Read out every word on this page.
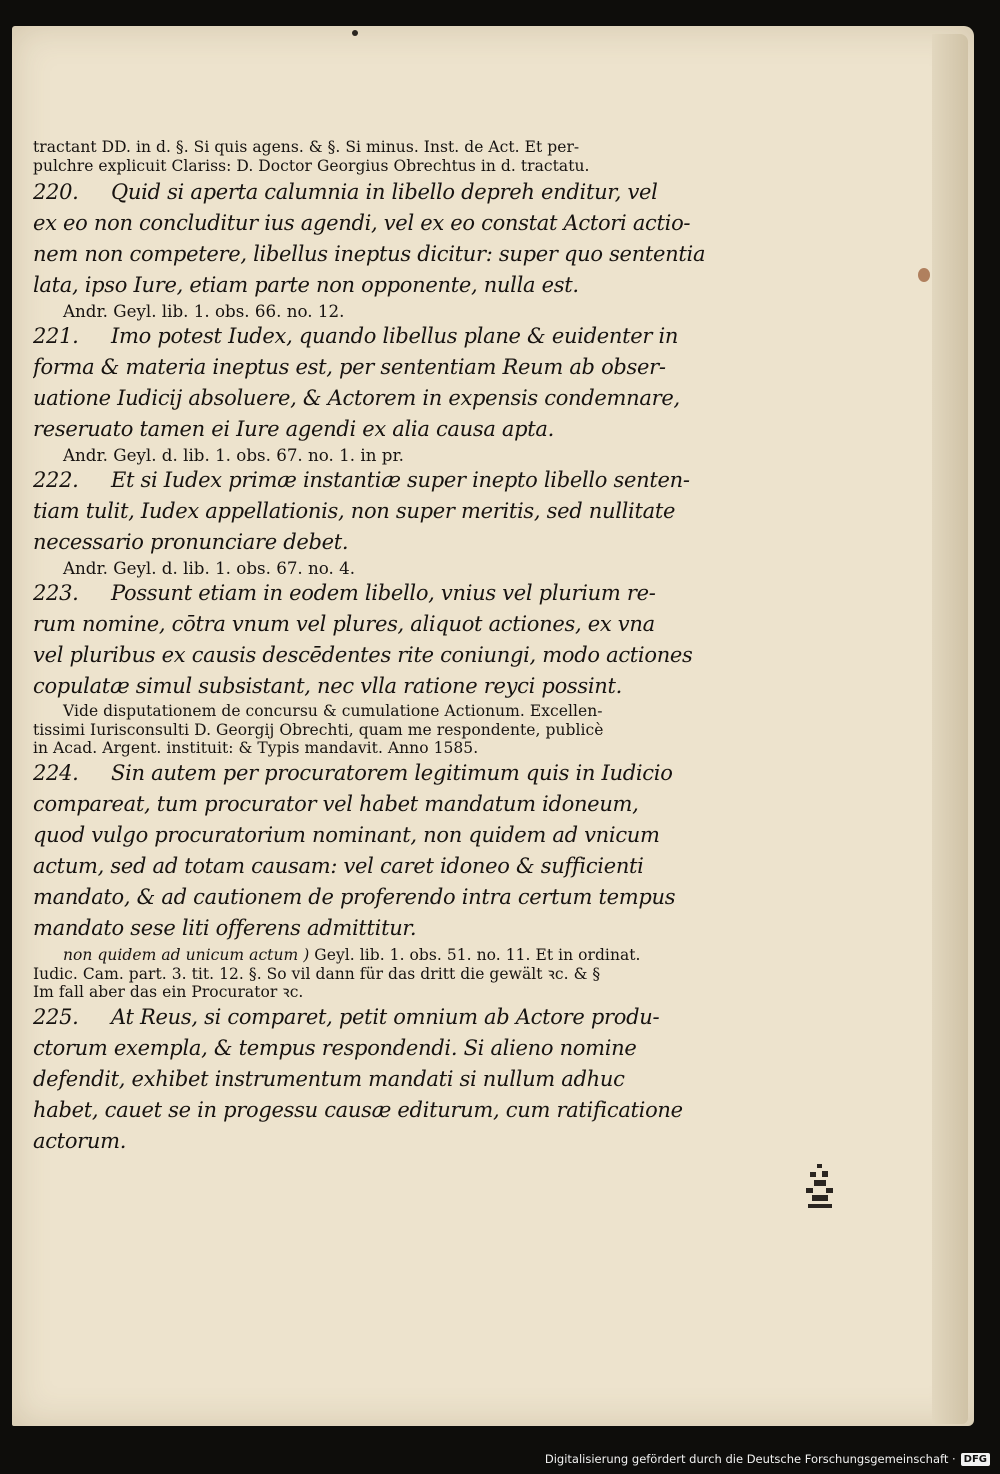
tractant DD. in d. §. Si quis agens. & §. Si minus. Inst. de Act. Et per-
pulchre explicuit Clariss: D. Doctor Georgius Obrechtus in d. tractatu.
220. Quid si aperta calumnia in libello depreh enditur, vel
ex eo non concluditur ius agendi, vel ex eo constat Actori actio-
nem non competere, libellus ineptus dicitur: super quo sententia
lata, ipso Iure, etiam parte non opponente, nulla est.
Andr. Geyl. lib. 1. obs. 66. no. 12.
221. Imo potest Iudex, quando libellus plane & euidenter in
forma & materia ineptus est, per sententiam Reum ab obser-
uatione Iudicij absoluere, & Actorem in expensis condemnare,
reseruato tamen ei Iure agendi ex alia causa apta.
Andr. Geyl. d. lib. 1. obs. 67. no. 1. in pr.
222. Et si Iudex primæ instantiæ super inepto libello senten-
tiam tulit, Iudex appellationis, non super meritis, sed nullitate
necessario pronunciare debet.
Andr. Geyl. d. lib. 1. obs. 67. no. 4.
223. Possunt etiam in eodem libello, vnius vel plurium re-
rum nomine, cōtra vnum vel plures, aliquot actiones, ex vna
vel pluribus ex causis descēdentes rite coniungi, modo actiones
copulatæ simul subsistant, nec vlla ratione reyci possint.
Vide disputationem de concursu & cumulatione Actionum. Excellen-
tissimi Iurisconsulti D. Georgij Obrechti, quam me respondente, publicè
in Acad. Argent. instituit: & Typis mandavit. Anno 1585.
224. Sin autem per procuratorem legitimum quis in Iudicio
compareat, tum procurator vel habet mandatum idoneum,
quod vulgo procuratorium nominant, non quidem ad vnicum
actum, sed ad totam causam: vel caret idoneo & sufficienti
mandato, & ad cautionem de proferendo intra certum tempus
mandato sese liti offerens admittitur.
non quidem ad unicum actum ) Geyl. lib. 1. obs. 51. no. 11. Et in ordinat.
Iudic. Cam. part. 3. tit. 12. §. So vil dann für das dritt die gewält ꝛc. & §
Im fall aber das ein Procurator ꝛc.
225. At Reus, si comparet, petit omnium ab Actore produ-
ctorum exempla, & tempus respondendi. Si alieno nomine
defendit, exhibet instrumentum mandati si nullum adhuc
habet, cauet se in progessu causæ editurum, cum ratificatione
actorum.
Digitalisierung gefördert durch die Deutsche Forschungsgemeinschaft · DFG
